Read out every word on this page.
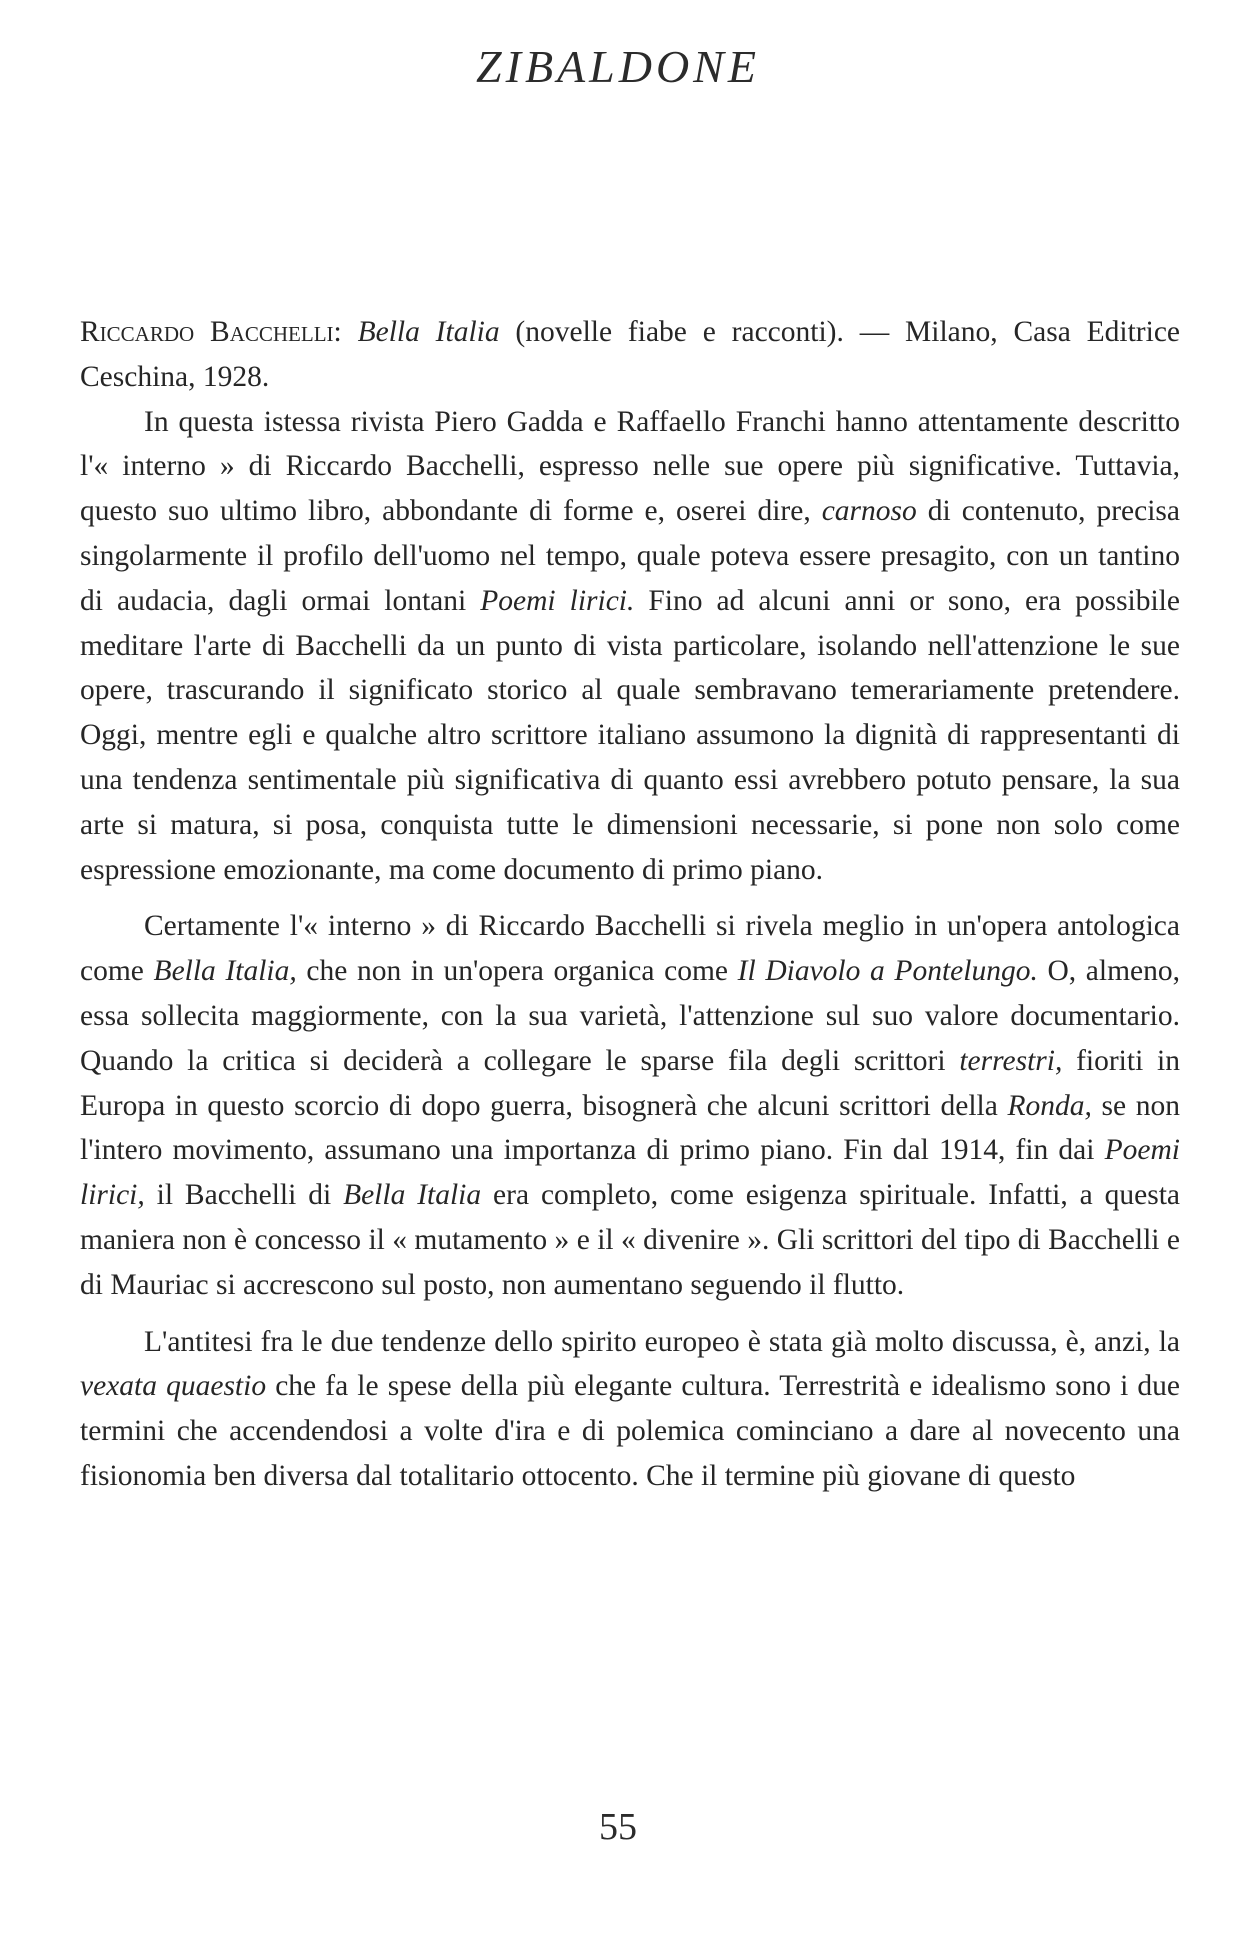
ZIBALDONE

Riccardo Bacchelli: Bella Italia (novelle fiabe e racconti). — Milano, Casa Editrice Ceschina, 1928.

In questa istessa rivista Piero Gadda e Raffaello Franchi hanno attentamente descritto l'« interno » di Riccardo Bacchelli, espresso nelle sue opere più significative. Tuttavia, questo suo ultimo libro, abbondante di forme e, oserei dire, carnoso di contenuto, precisa singolarmente il profilo dell'uomo nel tempo, quale poteva essere presagito, con un tantino di audacia, dagli ormai lontani Poemi lirici. Fino ad alcuni anni or sono, era possibile meditare l'arte di Bacchelli da un punto di vista particolare, isolando nell'attenzione le sue opere, trascurando il significato storico al quale sembravano temerariamente pretendere. Oggi, mentre egli e qualche altro scrittore italiano assumono la dignità di rappresentanti di una tendenza sentimentale più significativa di quanto essi avrebbero potuto pensare, la sua arte si matura, si posa, conquista tutte le dimensioni necessarie, si pone non solo come espressione emozionante, ma come documento di primo piano.

Certamente l'« interno » di Riccardo Bacchelli si rivela meglio in un'opera antologica come Bella Italia, che non in un'opera organica come Il Diavolo a Pontelungo. O, almeno, essa sollecita maggiormente, con la sua varietà, l'attenzione sul suo valore documentario. Quando la critica si deciderà a collegare le sparse fila degli scrittori terrestri, fioriti in Europa in questo scorcio di dopo guerra, bisognerà che alcuni scrittori della Ronda, se non l'intero movimento, assumano una importanza di primo piano. Fin dal 1914, fin dai Poemi lirici, il Bacchelli di Bella Italia era completo, come esigenza spirituale. Infatti, a questa maniera non è concesso il « mutamento » e il « divenire ». Gli scrittori del tipo di Bacchelli e di Mauriac si accrescono sul posto, non aumentano seguendo il flutto.

L'antitesi fra le due tendenze dello spirito europeo è stata già molto discussa, è, anzi, la vexata quaestio che fa le spese della più elegante cultura. Terrestrità e idealismo sono i due termini che accendendosi a volte d'ira e di polemica cominciano a dare al novecento una fisionomia ben diversa dal totalitario ottocento. Che il termine più giovane di questo

55
